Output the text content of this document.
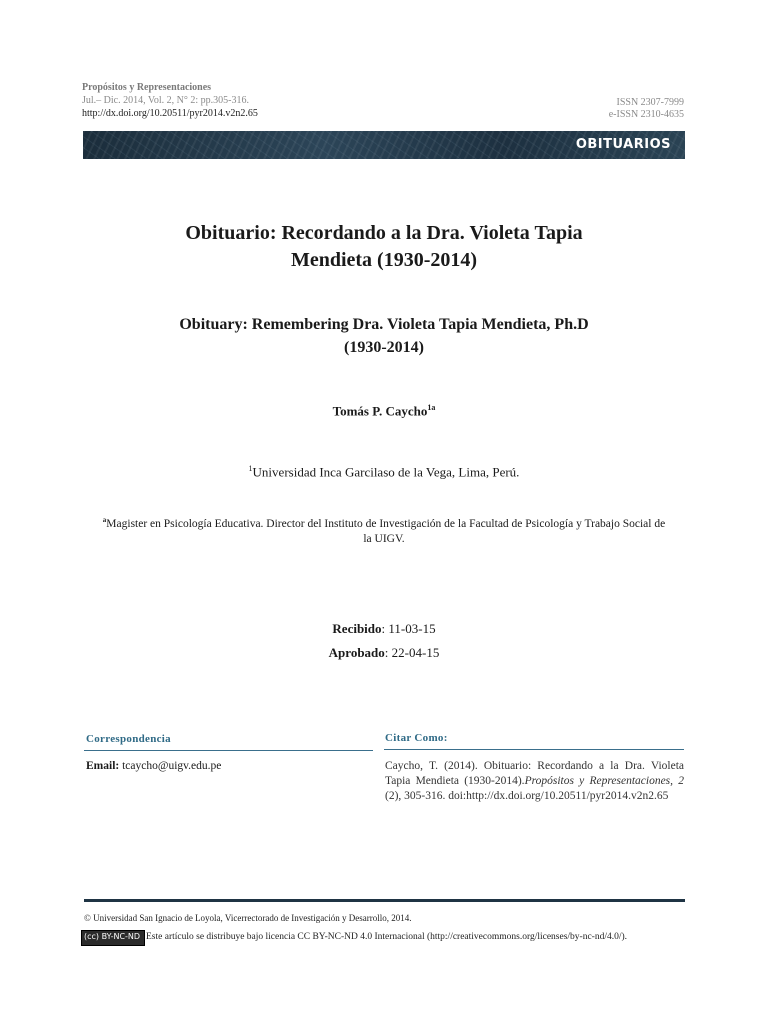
Propósitos y Representaciones
Jul.– Dic. 2014, Vol. 2, N° 2: pp.305-316.
http://dx.doi.org/10.20511/pyr2014.v2n2.65
ISSN 2307-7999
e-ISSN 2310-4635
OBITUARIOS
Obituario: Recordando a la Dra. Violeta Tapia
Mendieta (1930-2014)
Obituary: Remembering Dra. Violeta Tapia Mendieta, Ph.D
(1930-2014)
Tomás P. Caycho$^{1a}$
$^1$Universidad Inca Garcilaso de la Vega, Lima, Perú.
$^a$Magister en Psicología Educativa. Director del Instituto de Investigación de la Facultad de Psicología y Trabajo Social de la UIGV.
Recibido: 11-03-15
Aprobado: 22-04-15
Correspondencia
Email: tcaycho@uigv.edu.pe
Citar Como:
Caycho, T. (2014). Obituario: Recordando a la Dra. Violeta Tapia Mendieta (1930-2014).Propósitos y Representaciones, 2 (2), 305-316. doi:http://dx.doi.org/10.20511/pyr2014.v2n2.65
© Universidad San Ignacio de Loyola, Vicerrectorado de Investigación y Desarrollo, 2014.
(cc) BY-NC-ND Este artículo se distribuye bajo licencia CC BY-NC-ND 4.0 Internacional (http://creativecommons.org/licenses/by-nc-nd/4.0/).
